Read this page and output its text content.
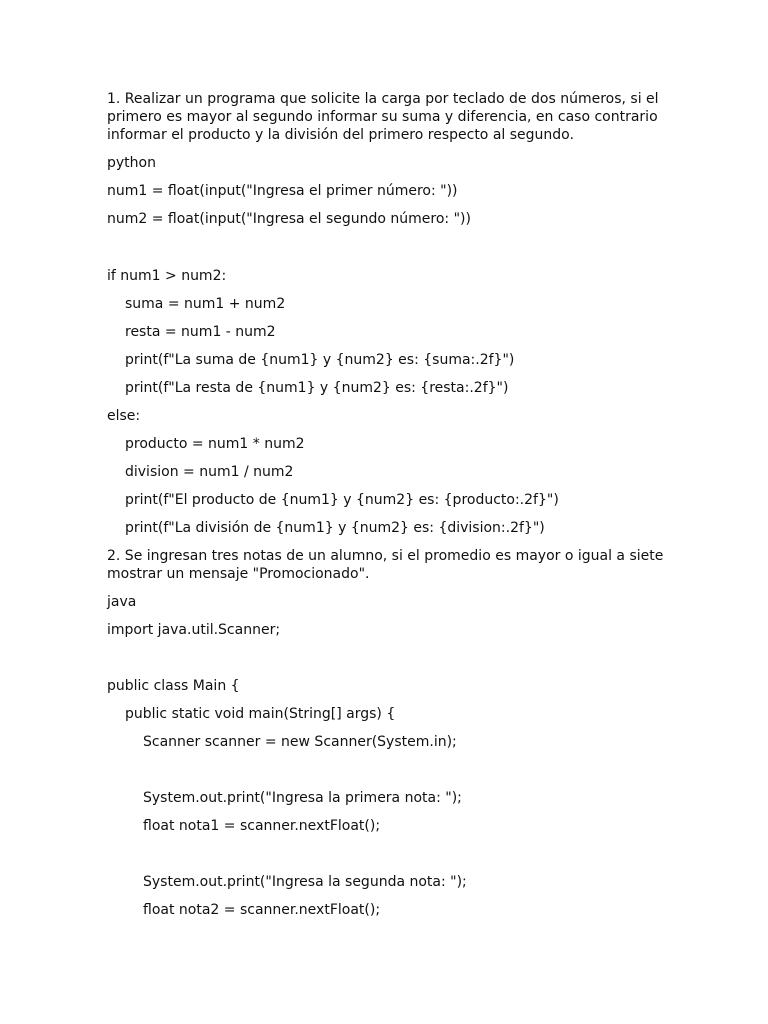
1. Realizar un programa que solicite la carga por teclado de dos números, si el primero es mayor al segundo informar su suma y diferencia, en caso contrario informar el producto y la división del primero respecto al segundo.

python

num1 = float(input("Ingresa el primer número: "))

num2 = float(input("Ingresa el segundo número: "))

if num1 > num2:

suma = num1 + num2

resta = num1 - num2

print(f"La suma de {num1} y {num2} es: {suma:.2f}")

print(f"La resta de {num1} y {num2} es: {resta:.2f}")

else:

producto = num1 * num2

division = num1 / num2

print(f"El producto de {num1} y {num2} es: {producto:.2f}")

print(f"La división de {num1} y {num2} es: {division:.2f}")

2. Se ingresan tres notas de un alumno, si el promedio es mayor o igual a siete mostrar un mensaje "Promocionado".

java

import java.util.Scanner;

public class Main {

public static void main(String[] args) {

Scanner scanner = new Scanner(System.in);

System.out.print("Ingresa la primera nota: ");

float nota1 = scanner.nextFloat();

System.out.print("Ingresa la segunda nota: ");

float nota2 = scanner.nextFloat();
